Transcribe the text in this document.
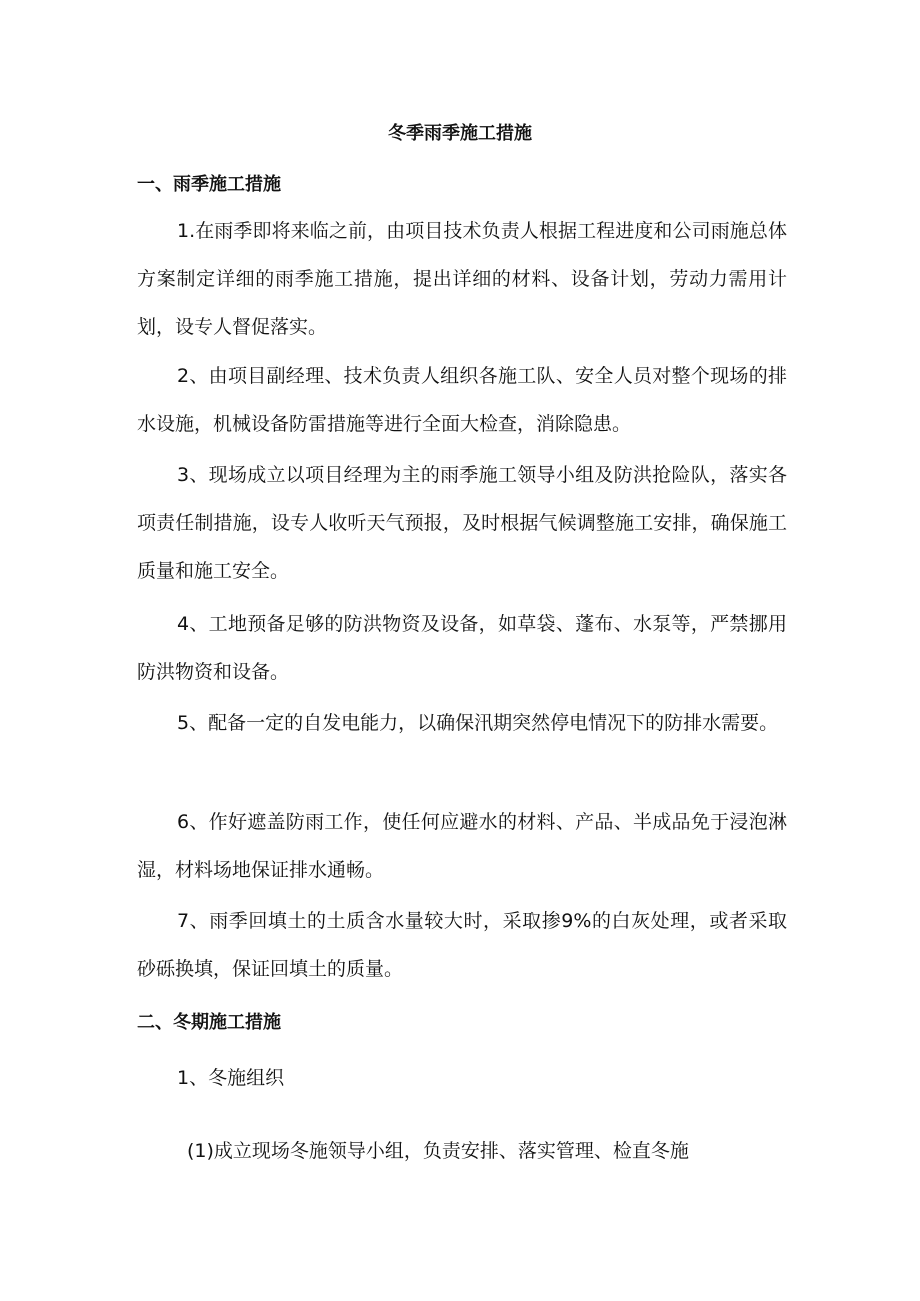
冬季雨季施工措施
一、雨季施工措施

1.在雨季即将来临之前，由项目技术负责人根据工程进度和公司雨施总体方案制定详细的雨季施工措施，提出详细的材料、设备计划，劳动力需用计划，设专人督促落实。

2、由项目副经理、技术负责人组织各施工队、安全人员对整个现场的排水设施，机械设备防雷措施等进行全面大检查，消除隐患。

3、现场成立以项目经理为主的雨季施工领导小组及防洪抢险队，落实各项责任制措施，设专人收听天气预报，及时根据气候调整施工安排，确保施工质量和施工安全。

4、工地预备足够的防洪物资及设备，如草袋、蓬布、水泵等，严禁挪用防洪物资和设备。

5、配备一定的自发电能力，以确保汛期突然停电情况下的防排水需要。

6、作好遮盖防雨工作，使任何应避水的材料、产品、半成品免于浸泡淋湿，材料场地保证排水通畅。

7、雨季回填土的土质含水量较大时，采取掺9%的白灰处理，或者采取砂砾换填，保证回填土的质量。

二、冬期施工措施

1、冬施组织

(1)成立现场冬施领导小组，负责安排、落实管理、检直冬施
